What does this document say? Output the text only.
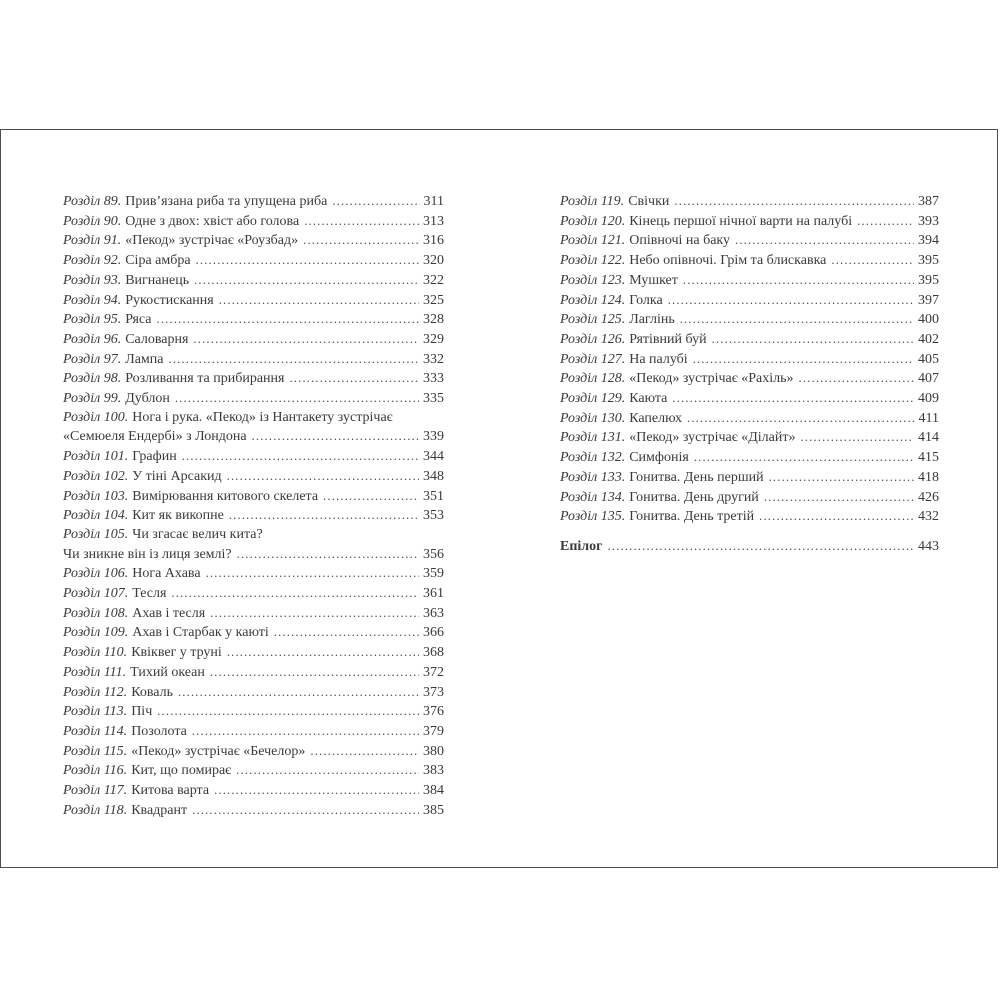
Розділ 89. Прив’язана риба та упущена риба .....	311
Розділ 90. Одне з двох: хвіст або голова .....	313
Розділ 91. «Пекод» зустрічає «Роузбад» .....	316
Розділ 92. Сіра амбра .....	320
Розділ 93. Вигнанець .....	322
Розділ 94. Рукостискання .....	325
Розділ 95. Ряса .....	328
Розділ 96. Саловарня .....	329
Розділ 97. Лампа .....	332
Розділ 98. Розливання та прибирання .....	333
Розділ 99. Дублон .....	335
Розділ 100. Нога і рука. «Пекод» із Нантакету зустрічає
«Семюеля Ендербі» з Лондона .....	339
Розділ 101. Графин .....	344
Розділ 102. У тіні Арсакид .....	348
Розділ 103. Вимірювання китового скелета .....	351
Розділ 104. Кит як викопне .....	353
Розділ 105. Чи згасає велич кита?
Чи зникне він із лиця землі? .....	356
Розділ 106. Нога Ахава .....	359
Розділ 107. Тесля .....	361
Розділ 108. Ахав і тесля .....	363
Розділ 109. Ахав і Старбак у каюті .....	366
Розділ 110. Квіквег у труні .....	368
Розділ 111. Тихий океан .....	372
Розділ 112. Коваль .....	373
Розділ 113. Піч .....	376
Розділ 114. Позолота .....	379
Розділ 115. «Пекод» зустрічає «Бечелор» .....	380
Розділ 116. Кит, що помирає .....	383
Розділ 117. Китова варта .....	384
Розділ 118. Квадрант .....	385
Розділ 119. Свічки .....	387
Розділ 120. Кінець першої нічної варти на палубі .....	393
Розділ 121. Опівночі на баку .....	394
Розділ 122. Небо опівночі. Грім та блискавка .....	395
Розділ 123. Мушкет .....	395
Розділ 124. Голка .....	397
Розділ 125. Лаглінь .....	400
Розділ 126. Рятівний буй .....	402
Розділ 127. На палубі .....	405
Розділ 128. «Пекод» зустрічає «Рахіль» .....	407
Розділ 129. Каюта .....	409
Розділ 130. Капелюх .....	411
Розділ 131. «Пекод» зустрічає «Ділайт» .....	414
Розділ 132. Симфонія .....	415
Розділ 133. Гонитва. День перший .....	418
Розділ 134. Гонитва. День другий .....	426
Розділ 135. Гонитва. День третій .....	432
Епілог .....	443
